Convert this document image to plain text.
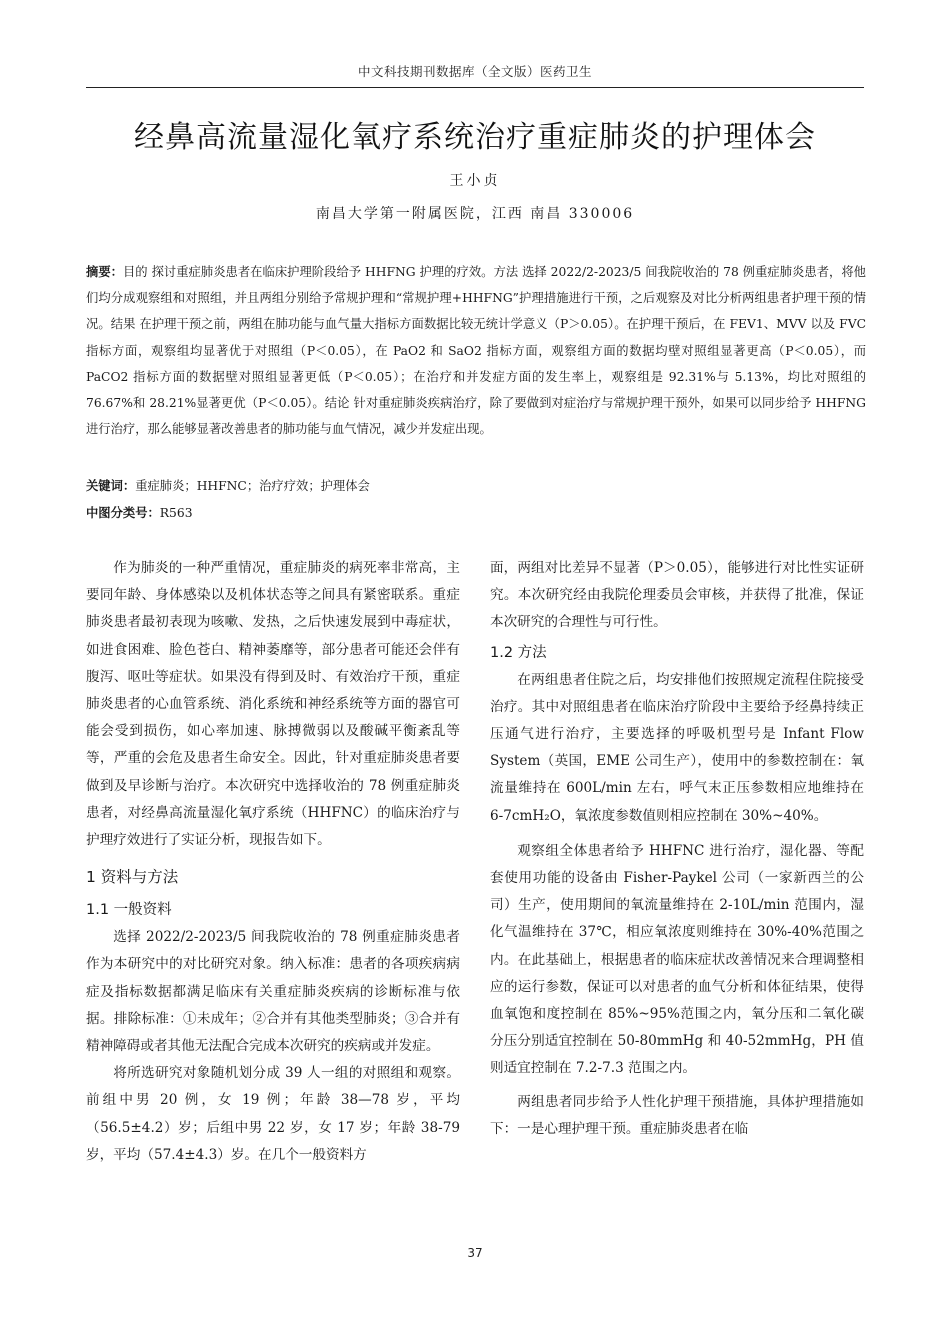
中文科技期刊数据库（全文版）医药卫生
经鼻高流量湿化氧疗系统治疗重症肺炎的护理体会
王小贞
南昌大学第一附属医院，江西 南昌 330006
摘要：目的 探讨重症肺炎患者在临床护理阶段给予 HHFNG 护理的疗效。方法 选择 2022/2-2023/5 间我院收治的 78 例重症肺炎患者，将他们均分成观察组和对照组，并且两组分别给予常规护理和“常规护理+HHFNG”护理措施进行干预，之后观察及对比分析两组患者护理干预的情况。结果 在护理干预之前，两组在肺功能与血气量大指标方面数据比较无统计学意义（P＞0.05）。在护理干预后，在 FEV1、MVV 以及 FVC 指标方面，观察组均显著优于对照组（P＜0.05），在 PaO2 和 SaO2 指标方面，观察组方面的数据均壁对照组显著更高（P＜0.05），而 PaCO2 指标方面的数据壁对照组显著更低（P＜0.05）；在治疗和并发症方面的发生率上，观察组是 92.31%与 5.13%，均比对照组的 76.67%和 28.21%显著更优（P＜0.05）。结论 针对重症肺炎疾病治疗，除了要做到对症治疗与常规护理干预外，如果可以同步给予 HHFNG 进行治疗，那么能够显著改善患者的肺功能与血气情况，减少并发症出现。
关键词：重症肺炎；HHFNC；治疗疗效；护理体会
中图分类号：R563

作为肺炎的一种严重情况，重症肺炎的病死率非常高，主要同年龄、身体感染以及机体状态等之间具有紧密联系。重症肺炎患者最初表现为咳嗽、发热，之后快速发展到中毒症状，如进食困难、脸色苍白、精神萎靡等，部分患者可能还会伴有腹泻、呕吐等症状。如果没有得到及时、有效治疗干预，重症肺炎患者的心血管系统、消化系统和神经系统等方面的器官可能会受到损伤，如心率加速、脉搏微弱以及酸碱平衡紊乱等等，严重的会危及患者生命安全。因此，针对重症肺炎患者要做到及早诊断与治疗。本次研究中选择收治的 78 例重症肺炎患者，对经鼻高流量湿化氧疗系统（HHFNC）的临床治疗与护理疗效进行了实证分析，现报告如下。

1 资料与方法
1.1 一般资料

选择 2022/2-2023/5 间我院收治的 78 例重症肺炎患者作为本研究中的对比研究对象。纳入标准：患者的各项疾病病症及指标数据都满足临床有关重症肺炎疾病的诊断标准与依据。排除标准：①未成年；②合并有其他类型肺炎；③合并有精神障碍或者其他无法配合完成本次研究的疾病或并发症。

将所选研究对象随机划分成 39 人一组的对照组和观察。前组中男 20 例，女 19 例；年龄 38—78 岁，平均（56.5±4.2）岁；后组中男 22 岁，女 17 岁；年龄 38-79 岁，平均（57.4±4.3）岁。在几个一般资料方

面，两组对比差异不显著（P＞0.05），能够进行对比性实证研究。本次研究经由我院伦理委员会审核，并获得了批准，保证本次研究的合理性与可行性。

1.2 方法

在两组患者住院之后，均安排他们按照规定流程住院接受治疗。其中对照组患者在临床治疗阶段中主要给予经鼻持续正压通气进行治疗，主要选择的呼吸机型号是 Infant Flow System（英国，EME 公司生产），使用中的参数控制在：氧流量维持在 600L/min 左右，呼气末正压参数相应地维持在 6-7cmH₂O，氧浓度参数值则相应控制在 30%~40%。

观察组全体患者给予 HHFNC 进行治疗，湿化器、等配套使用功能的设备由 Fisher-Paykel 公司（一家新西兰的公司）生产，使用期间的氧流量维持在 2-10L/min 范围内，湿化气温维持在 37℃，相应氧浓度则维持在 30%-40%范围之内。在此基础上，根据患者的临床症状改善情况来合理调整相应的运行参数，保证可以对患者的血气分析和体征结果，使得血氧饱和度控制在 85%~95%范围之内，氧分压和二氧化碳分压分别适宜控制在 50-80mmHg 和 40-52mmHg，PH 值则适宜控制在 7.2-7.3 范围之内。

两组患者同步给予人性化护理干预措施，具体护理措施如下：一是心理护理干预。重症肺炎患者在临

37
